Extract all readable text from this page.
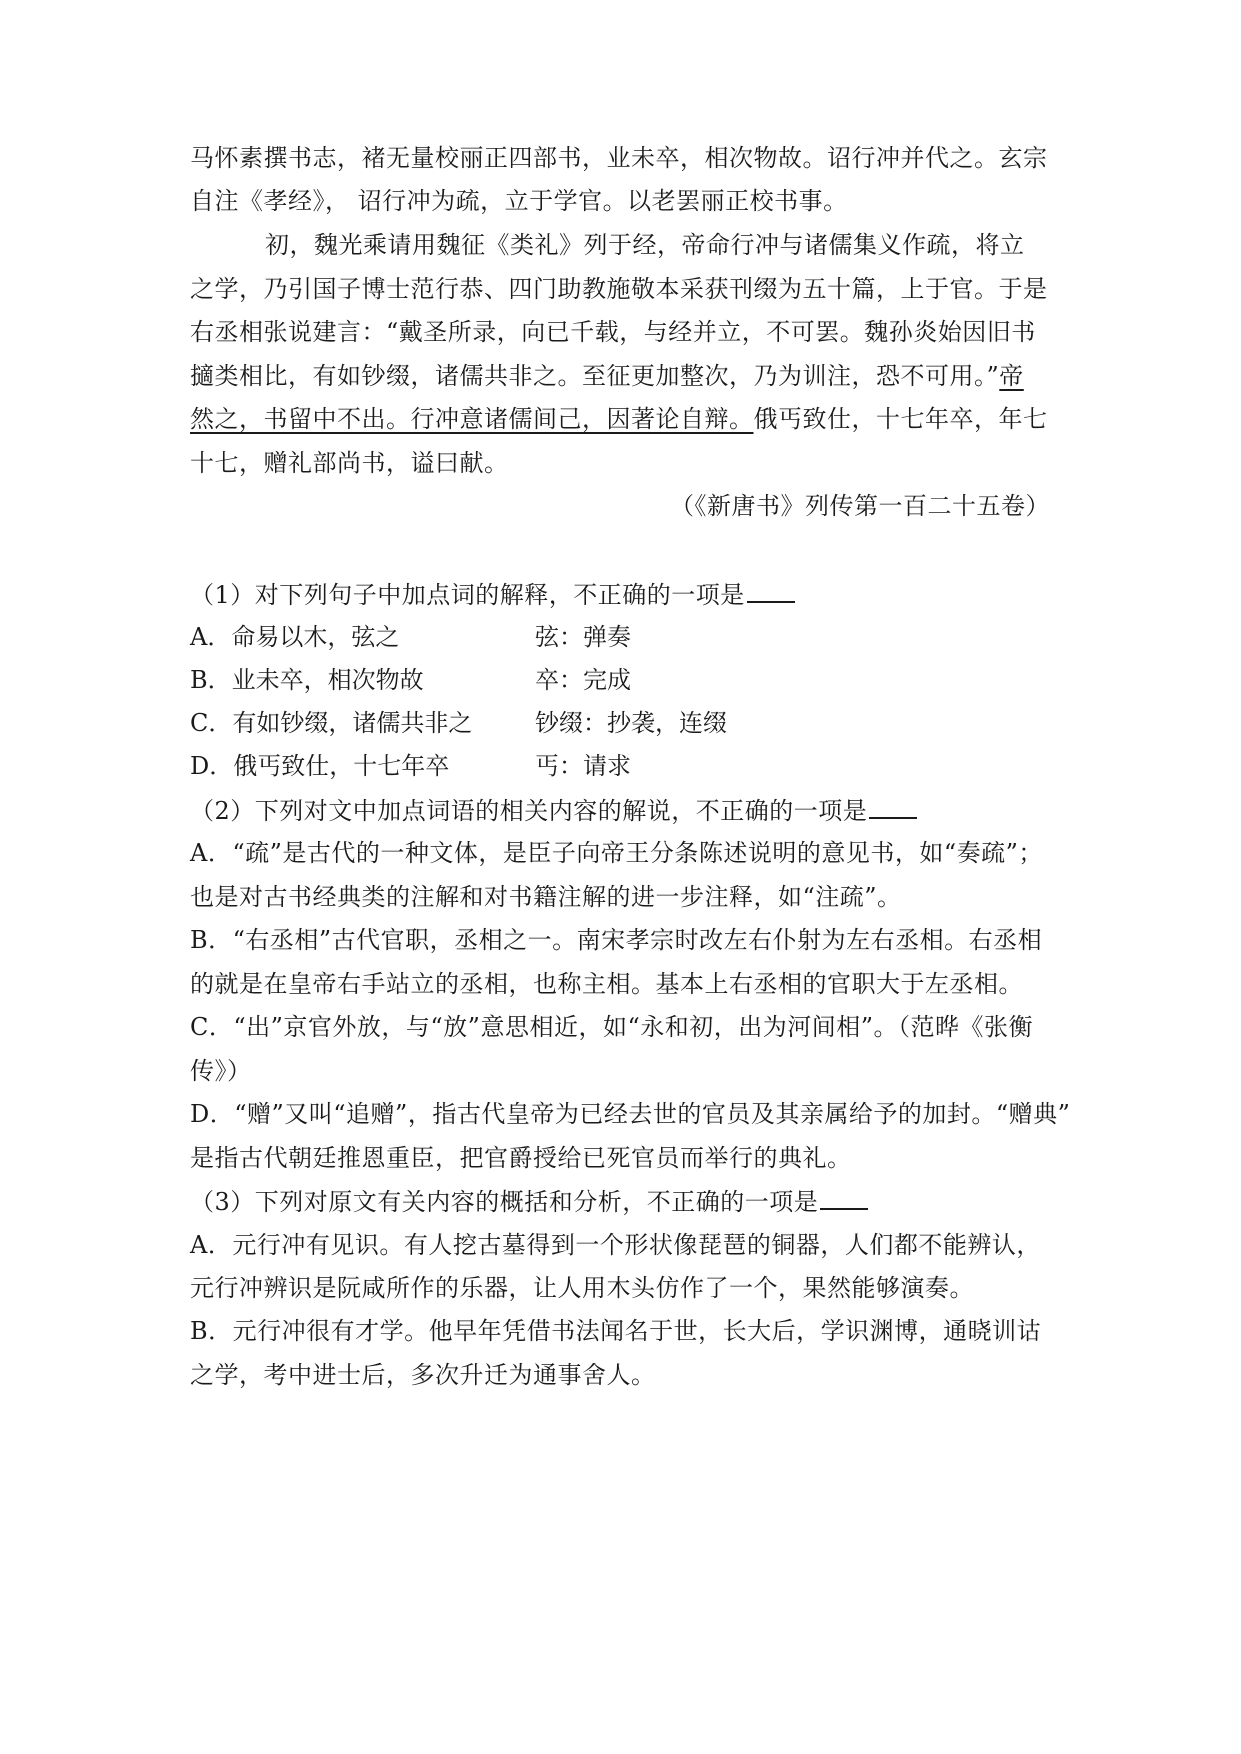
马怀素撰书志，褚无量校丽正四部书，业未卒，相次物故。诏行冲并代之。玄宗
自注《孝经》， 诏行冲为疏，立于学官。以老罢丽正校书事。
初，魏光乘请用魏征《类礼》列于经，帝命行冲与诸儒集义作疏，将立
之学，乃引国子博士范行恭、四门助教施敬本采获刊缀为五十篇，上于官。于是
右丞相张说建言：“戴圣所录，向已千载，与经并立，不可罢。魏孙炎始因旧书
擿类相比，有如钞缀，诸儒共非之。至征更加整次，乃为训注，恐不可用。”帝
然之，书留中不出。行冲意诸儒间己，因著论自辩。俄丐致仕，十七年卒，年七
十七，赠礼部尚书，谥曰献。
（《新唐书》列传第一百二十五卷）
（1）对下列句子中加点词的解释，不正确的一项是
A．命易以木，弦之	弦：弹奏
B．业未卒，相次物故	卒：完成
C．有如钞缀，诸儒共非之	钞缀：抄袭，连缀
D．俄丐致仕，十七年卒	丐：请求
（2）下列对文中加点词语的相关内容的解说，不正确的一项是
A．“疏”是古代的一种文体，是臣子向帝王分条陈述说明的意见书，如“奏疏”；
也是对古书经典类的注解和对书籍注解的进一步注释，如“注疏”。
B．“右丞相”古代官职，丞相之一。南宋孝宗时改左右仆射为左右丞相。右丞相
的就是在皇帝右手站立的丞相，也称主相。基本上右丞相的官职大于左丞相。
C．“出”京官外放，与“放”意思相近，如“永和初，出为河间相”。（范晔《张衡
传》）
D．“赠”又叫“追赠”，指古代皇帝为已经去世的官员及其亲属给予的加封。“赠典”
是指古代朝廷推恩重臣，把官爵授给已死官员而举行的典礼。
（3）下列对原文有关内容的概括和分析，不正确的一项是
A．元行冲有见识。有人挖古墓得到一个形状像琵琶的铜器，人们都不能辨认，
元行冲辨识是阮咸所作的乐器，让人用木头仿作了一个，果然能够演奏。
B．元行冲很有才学。他早年凭借书法闻名于世，长大后，学识渊博，通晓训诂
之学，考中进士后，多次升迁为通事舍人。
